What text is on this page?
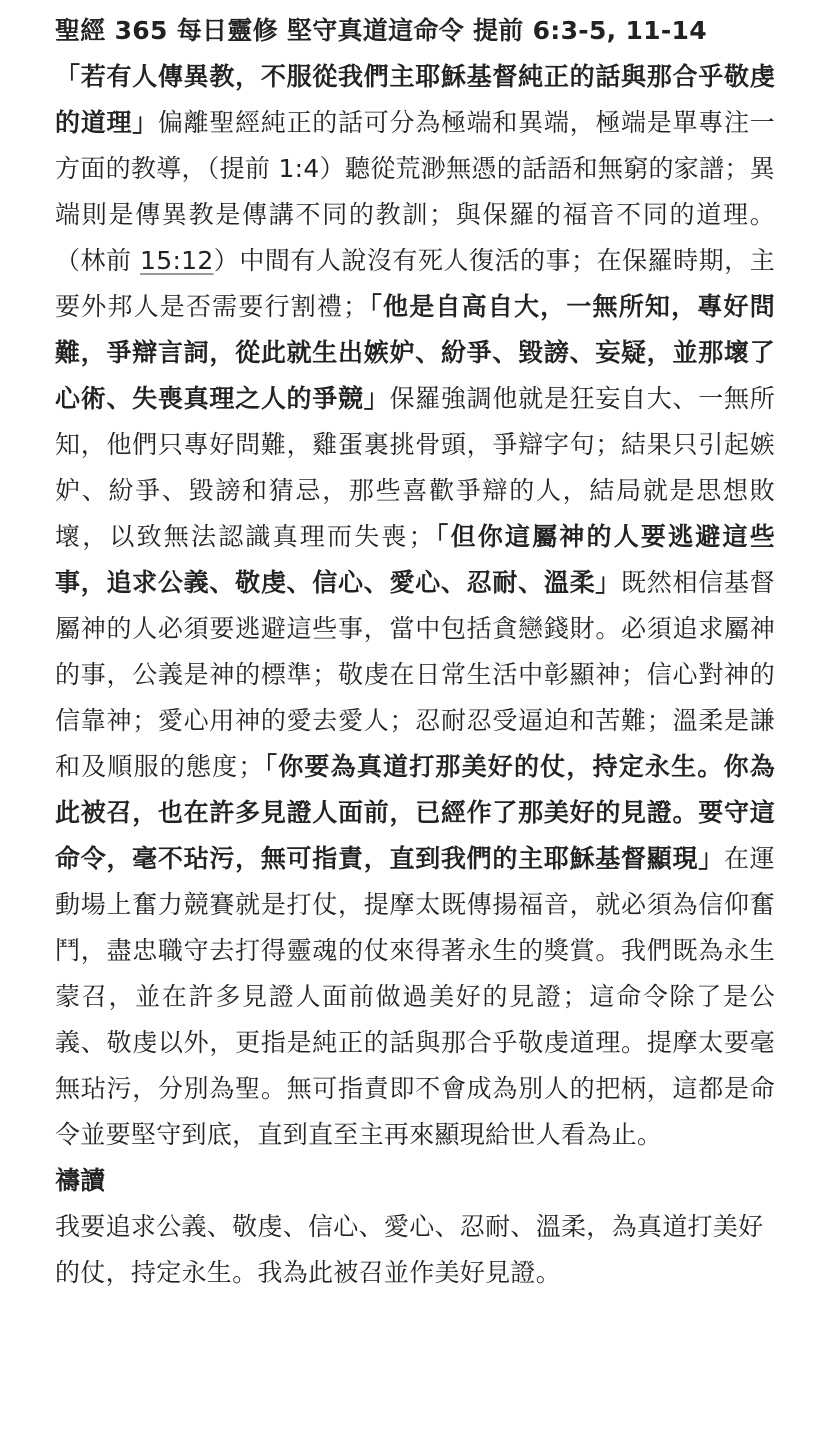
聖經 365 每日靈修 堅守真道這命令 提前 6:3-5, 11-14

「若有人傳異教，不服從我們主耶穌基督純正的話與那合乎敬虔的道理」偏離聖經純正的話可分為極端和異端，極端是單專注一方面的教導，（提前 1:4）聽從荒渺無憑的話語和無窮的家譜；異端則是傳異教是傳講不同的教訓；與保羅的福音不同的道理。（林前 15:12）中間有人說沒有死人復活的事；在保羅時期，主要外邦人是否需要行割禮；「他是自高自大，一無所知，專好問難，爭辯言詞，從此就生出嫉妒、紛爭、毀謗、妄疑，並那壞了心術、失喪真理之人的爭競」保羅強調他就是狂妄自大、一無所知，他們只專好問難，雞蛋裏挑骨頭，爭辯字句；結果只引起嫉妒、紛爭、毀謗和猜忌，那些喜歡爭辯的人，結局就是思想敗壞，以致無法認識真理而失喪；「但你這屬神的人要逃避這些事，追求公義、敬虔、信心、愛心、忍耐、溫柔」既然相信基督屬神的人必須要逃避這些事，當中包括貪戀錢財。必須追求屬神的事，公義是神的標準；敬虔在日常生活中彰顯神；信心對神的信靠神；愛心用神的愛去愛人；忍耐忍受逼迫和苦難；溫柔是謙和及順服的態度；「你要為真道打那美好的仗，持定永生。你為此被召，也在許多見證人面前，已經作了那美好的見證。要守這命令，毫不玷污，無可指責，直到我們的主耶穌基督顯現」在運動場上奮力競賽就是打仗，提摩太既傳揚福音，就必須為信仰奮鬥，盡忠職守去打得靈魂的仗來得著永生的獎賞。我們既為永生蒙召，並在許多見證人面前做過美好的見證；這命令除了是公義、敬虔以外，更指是純正的話與那合乎敬虔道理。提摩太要毫無玷污，分別為聖。無可指責即不會成為別人的把柄，這都是命令並要堅守到底，直到直至主再來顯現給世人看為止。

禱讀

我要追求公義、敬虔、信心、愛心、忍耐、溫柔，為真道打美好的仗，持定永生。我為此被召並作美好見證。
